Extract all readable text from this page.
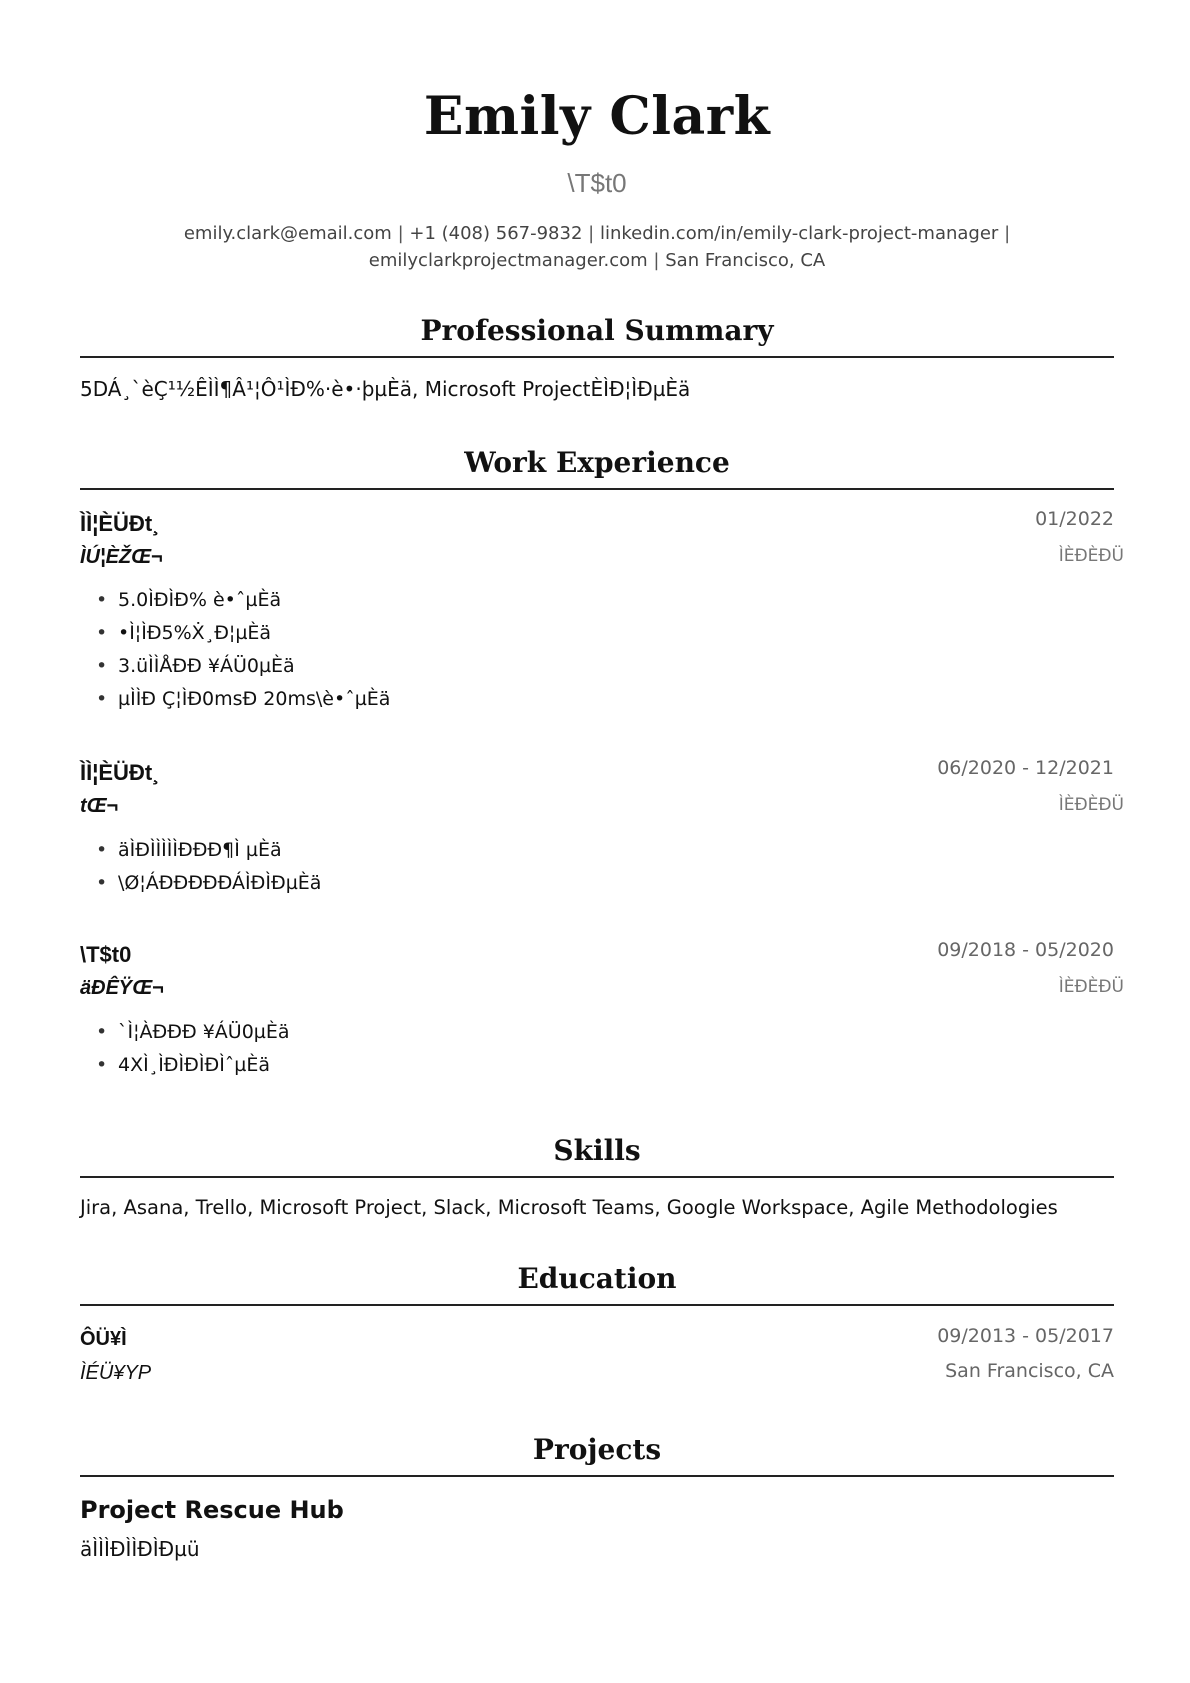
Emily Clark
\T$t0
emily.clark@email.com | +1 (408) 567-9832 | linkedin.com/in/emily-clark-project-manager |
emilyclarkprojectmanager.com | San Francisco, CA
Professional Summary
5DÁ¸`èÇ¹½ÊÌÌ¶Â¹¦Ô¹ÌÐ%·è•·þµÈä, Microsoft ProjectÈÌÐ¦ÌÐµÈä
Work Experience
ÌÌ¦ÈÜÐt¸	01/2022
ÌÚ¦ÈŽŒ¬	ÌÈÐÈÐÜ
• 5.0ÌÐÌÐ% è•ˆµÈä
• •Ì¦ÌÐ5%Ẋ¸Ð¦µÈä
• 3.üÌÌÅÐÐ ¥ÁÜ0µÈä
• µÌÌÐ Ç¦ÌÐ0msÐ 20ms\è•ˆµÈä
ÌÌ¦ÈÜÐt¸	06/2020 - 12/2021
tŒ¬	ÌÈÐÈÐÜ
• äÌÐÌÌÌÌÌÐÐÐ¶Ì µÈä
• \Ø¦ÁÐÐÐÐÐÁÌÐÌÐµÈä
\T$t0	09/2018 - 05/2020
äÐÊŸŒ¬	ÌÈÐÈÐÜ
• `Ì¦ÀÐÐÐ ¥ÁÜ0µÈä
• 4XÌ¸ÌÐÌÐÌÐÌˆµÈä
Skills
Jira, Asana, Trello, Microsoft Project, Slack, Microsoft Teams, Google Workspace, Agile Methodologies
Education
ÔÜ¥Ì	09/2013 - 05/2017
ÌÉÜ¥YP	San Francisco, CA
Projects
Project Rescue Hub
äÌÌÌÐÌÌÐÌÐµü
